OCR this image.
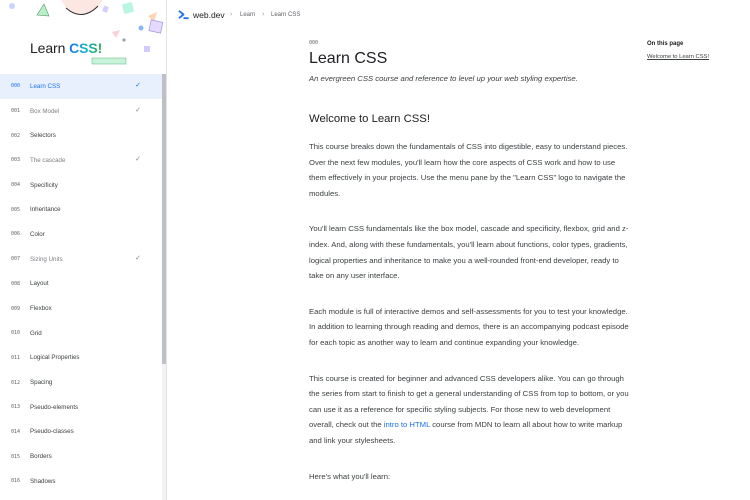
Learn CSS!
000	Learn CSS	✓
001	Box Model	✓
002	Selectors
003	The cascade	✓
004	Specificity
005	Inheritance
006	Color
007	Sizing Units	✓
008	Layout
009	Flexbox
010	Grid
011	Logical Properties
012	Spacing
013	Pseudo-elements
014	Pseudo-classes
015	Borders
016	Shadows
web.dev › Learn › Learn CSS
000
Learn CSS

An evergreen CSS course and reference to level up your web styling expertise.

Welcome to Learn CSS!

This course breaks down the fundamentals of CSS into digestible, easy to understand pieces. Over the next few modules, you'll learn how the core aspects of CSS work and how to use them effectively in your projects. Use the menu pane by the "Learn CSS" logo to navigate the modules.

You'll learn CSS fundamentals like the box model, cascade and specificity, flexbox, grid and z-index. And, along with these fundamentals, you'll learn about functions, color types, gradients, logical properties and inheritance to make you a well-rounded front-end developer, ready to take on any user interface.

Each module is full of interactive demos and self-assessments for you to test your knowledge. In addition to learning through reading and demos, there is an accompanying podcast episode for each topic as another way to learn and continue expanding your knowledge.

This course is created for beginner and advanced CSS developers alike. You can go through the series from start to finish to get a general understanding of CSS from top to bottom, or you can use it as a reference for specific styling subjects. For those new to web development overall, check out the intro to HTML course from MDN to learn all about how to write markup and link your stylesheets.

Here's what you'll learn:

On this page
Welcome to Learn CSS!
